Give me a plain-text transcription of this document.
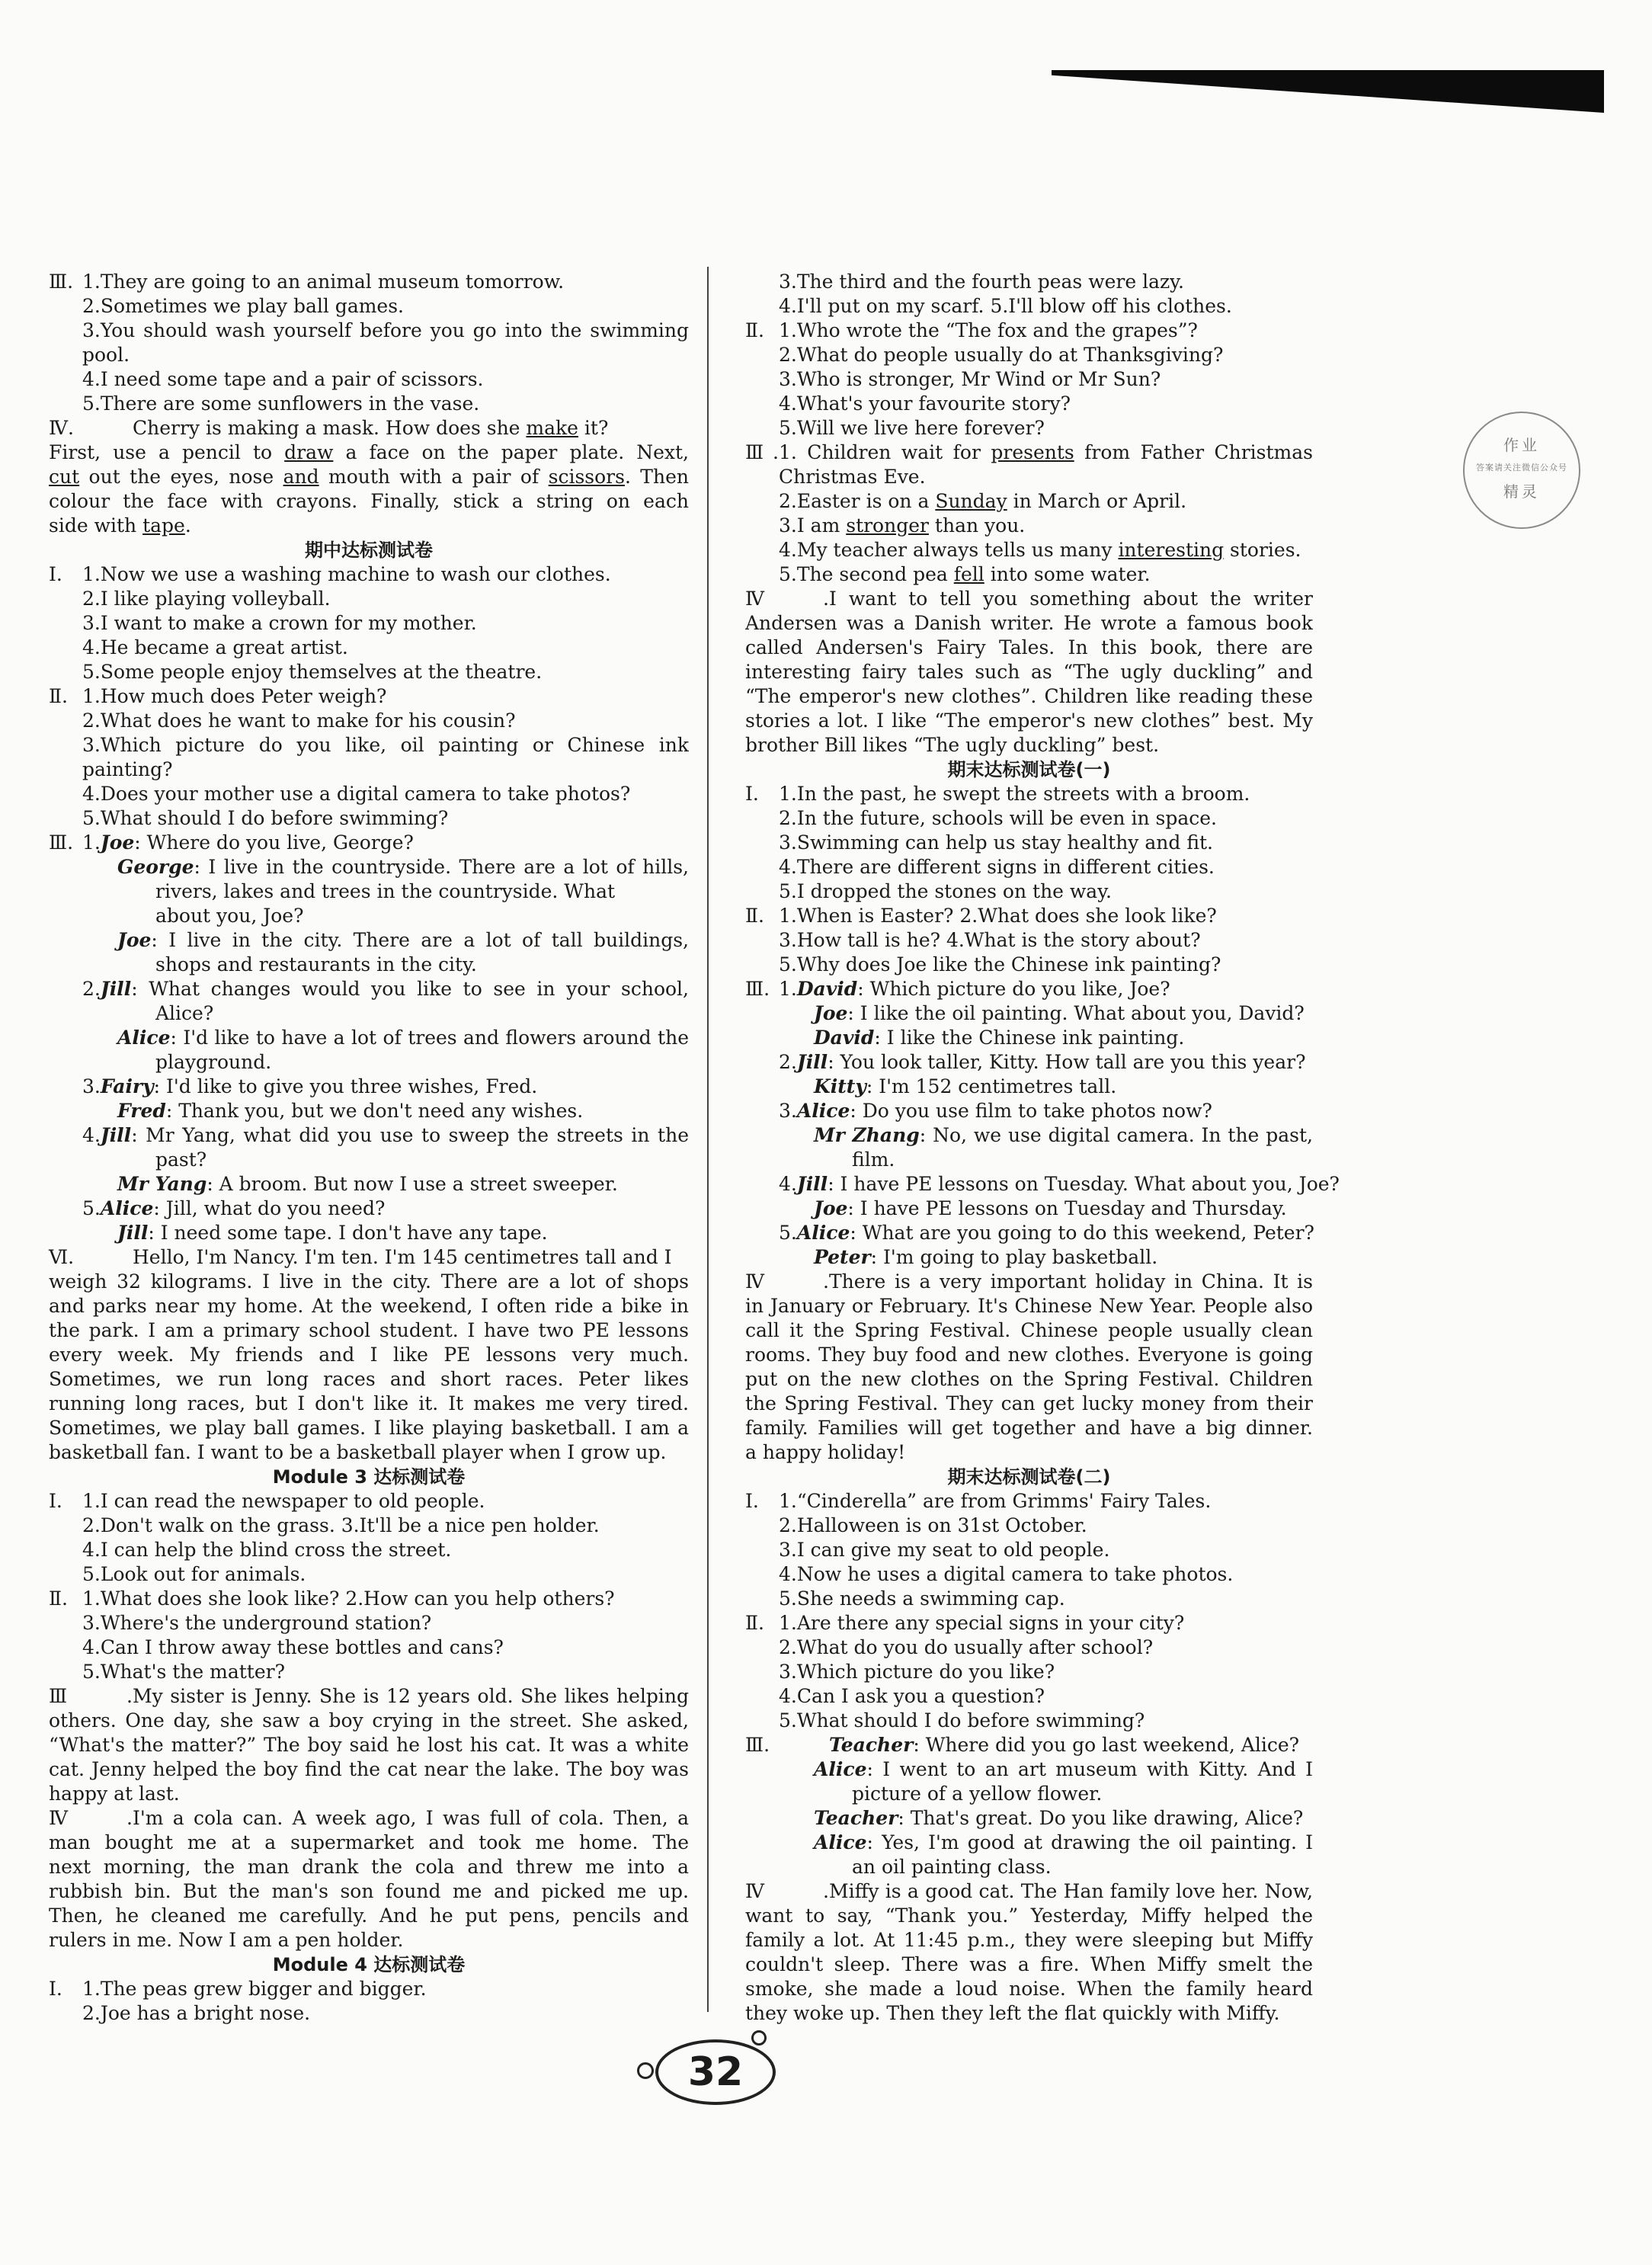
作业
答案请关注微信公众号
精灵
Ⅲ. 1.They are going to an animal museum tomorrow.
2.Sometimes we play ball games.
3.You should wash yourself before you go into the swimming
pool.
4.I need some tape and a pair of scissors.
5.There are some sunflowers in the vase.
Ⅳ.	Cherry is making a mask. How does she make it?
First, use a pencil to draw a face on the paper plate. Next,
cut out the eyes, nose and mouth with a pair of scissors. Then
colour the face with crayons. Finally, stick a string on each
side with tape.
期中达标测试卷
Ⅰ. 1.Now we use a washing machine to wash our clothes.
2.I like playing volleyball.
3.I want to make a crown for my mother.
4.He became a great artist.
5.Some people enjoy themselves at the theatre.
Ⅱ. 1.How much does Peter weigh?
2.What does he want to make for his cousin?
3.Which picture do you like, oil painting or Chinese ink
painting?
4.Does your mother use a digital camera to take photos?
5.What should I do before swimming?
Ⅲ. 1.Joe: Where do you live, George?
George: I live in the countryside. There are a lot of hills,
rivers, lakes and trees in the countryside. What
about you, Joe?
Joe: I live in the city. There are a lot of tall buildings,
shops and restaurants in the city.
2.Jill: What changes would you like to see in your school,
Alice?
Alice: I'd like to have a lot of trees and flowers around the
playground.
3.Fairy: I'd like to give you three wishes, Fred.
Fred: Thank you, but we don't need any wishes.
4.Jill: Mr Yang, what did you use to sweep the streets in the
past?
Mr Yang: A broom. But now I use a street sweeper.
5.Alice: Jill, what do you need?
Jill: I need some tape. I don't have any tape.
Ⅵ.	Hello, I'm Nancy. I'm ten. I'm 145 centimetres tall and I
weigh 32 kilograms. I live in the city. There are a lot of shops
and parks near my home. At the weekend, I often ride a bike in
the park. I am a primary school student. I have two PE lessons
every week. My friends and I like PE lessons very much.
Sometimes, we run long races and short races. Peter likes
running long races, but I don't like it. It makes me very tired.
Sometimes, we play ball games. I like playing basketball. I am a
basketball fan. I want to be a basketball player when I grow up.
Module 3 达标测试卷
Ⅰ. 1.I can read the newspaper to old people.
2.Don't walk on the grass. 3.It'll be a nice pen holder.
4.I can help the blind cross the street.
5.Look out for animals.
Ⅱ. 1.What does she look like? 2.How can you help others?
3.Where's the underground station?
4.Can I throw away these bottles and cans?
5.What's the matter?
Ⅲ.My sister is Jenny. She is 12 years old. She likes helping
others. One day, she saw a boy crying in the street. She asked,
“What's the matter?” The boy said he lost his cat. It was a white
cat. Jenny helped the boy find the cat near the lake. The boy was
happy at last.
Ⅳ.I'm a cola can. A week ago, I was full of cola. Then, a
man bought me at a supermarket and took me home. The
next morning, the man drank the cola and threw me into a
rubbish bin. But the man's son found me and picked me up.
Then, he cleaned me carefully. And he put pens, pencils and
rulers in me. Now I am a pen holder.
Module 4 达标测试卷
Ⅰ. 1.The peas grew bigger and bigger.
2.Joe has a bright nose.
3.The third and the fourth peas were lazy.
4.I'll put on my scarf. 5.I'll blow off his clothes.
Ⅱ. 1.Who wrote the “The fox and the grapes”?
2.What do people usually do at Thanksgiving?
3.Who is stronger, Mr Wind or Mr Sun?
4.What's your favourite story?
5.Will we live here forever?
Ⅲ.1. Children wait for presents from Father Christmas
Christmas Eve.
2.Easter is on a Sunday in March or April.
3.I am stronger than you.
4.My teacher always tells us many interesting stories.
5.The second pea fell into some water.
Ⅳ.I want to tell you something about the writer
Andersen was a Danish writer. He wrote a famous book
called Andersen's Fairy Tales. In this book, there are
interesting fairy tales such as “The ugly duckling” and
“The emperor's new clothes”. Children like reading these
stories a lot. I like “The emperor's new clothes” best. My
brother Bill likes “The ugly duckling” best.
期末达标测试卷(一)
Ⅰ. 1.In the past, he swept the streets with a broom.
2.In the future, schools will be even in space.
3.Swimming can help us stay healthy and fit.
4.There are different signs in different cities.
5.I dropped the stones on the way.
Ⅱ. 1.When is Easter? 2.What does she look like?
3.How tall is he? 4.What is the story about?
5.Why does Joe like the Chinese ink painting?
Ⅲ. 1.David: Which picture do you like, Joe?
Joe: I like the oil painting. What about you, David?
David: I like the Chinese ink painting.
2.Jill: You look taller, Kitty. How tall are you this year?
Kitty: I'm 152 centimetres tall.
3.Alice: Do you use film to take photos now?
Mr Zhang: No, we use digital camera. In the past,
film.
4.Jill: I have PE lessons on Tuesday. What about you, Joe?
Joe: I have PE lessons on Tuesday and Thursday.
5.Alice: What are you going to do this weekend, Peter?
Peter: I'm going to play basketball.
Ⅳ.There is a very important holiday in China. It is
in January or February. It's Chinese New Year. People also
call it the Spring Festival. Chinese people usually clean
rooms. They buy food and new clothes. Everyone is going
put on the new clothes on the Spring Festival. Children
the Spring Festival. They can get lucky money from their
family. Families will get together and have a big dinner.
a happy holiday!
期末达标测试卷(二)
Ⅰ. 1.“Cinderella” are from Grimms' Fairy Tales.
2.Halloween is on 31st October.
3.I can give my seat to old people.
4.Now he uses a digital camera to take photos.
5.She needs a swimming cap.
Ⅱ. 1.Are there any special signs in your city?
2.What do you do usually after school?
3.Which picture do you like?
4.Can I ask you a question?
5.What should I do before swimming?
Ⅲ.	Teacher: Where did you go last weekend, Alice?
Alice: I went to an art museum with Kitty. And I
picture of a yellow flower.
Teacher: That's great. Do you like drawing, Alice?
Alice: Yes, I'm good at drawing the oil painting. I
an oil painting class.
Ⅳ.Miffy is a good cat. The Han family love her. Now,
want to say, “Thank you.” Yesterday, Miffy helped the
family a lot. At 11:45 p.m., they were sleeping but Miffy
couldn't sleep. There was a fire. When Miffy smelt the
smoke, she made a loud noise. When the family heard
they woke up. Then they left the flat quickly with Miffy.
32
